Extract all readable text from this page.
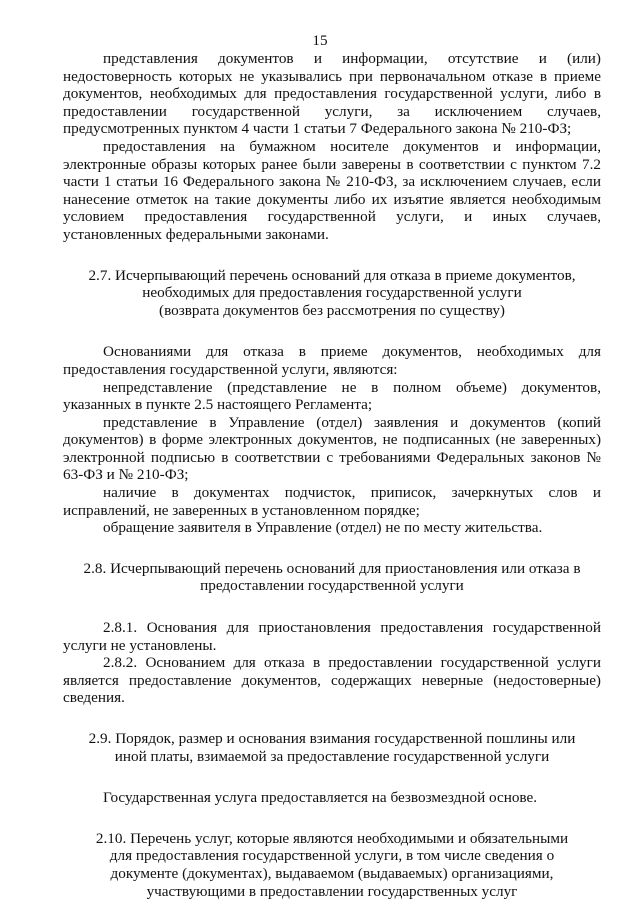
15

представления документов и информации, отсутствие и (или) недостоверность которых не указывались при первоначальном отказе в приеме документов, необходимых для предоставления государственной услуги, либо в предоставлении государственной услуги, за исключением случаев, предусмотренных пунктом 4 части 1 статьи 7 Федерального закона № 210-ФЗ;

предоставления на бумажном носителе документов и информации, электронные образы которых ранее были заверены в соответствии с пунктом 7.2 части 1 статьи 16 Федерального закона № 210-ФЗ, за исключением случаев, если нанесение отметок на такие документы либо их изъятие является необходимым условием предоставления государственной услуги, и иных случаев, установленных федеральными законами.

2.7. Исчерпывающий перечень оснований для отказа в приеме документов, необходимых для предоставления государственной услуги

(возврата документов без рассмотрения по существу)

Основаниями для отказа в приеме документов, необходимых для предоставления государственной услуги, являются:

непредставление (представление не в полном объеме) документов, указанных в пункте 2.5 настоящего Регламента;

представление в Управление (отдел) заявления и документов (копий документов) в форме электронных документов, не подписанных (не заверенных) электронной подписью в соответствии с требованиями Федеральных законов № 63-ФЗ и № 210-ФЗ;

наличие в документах подчисток, приписок, зачеркнутых слов и исправлений, не заверенных в установленном порядке;

обращение заявителя в Управление (отдел) не по месту жительства.

2.8. Исчерпывающий перечень оснований для приостановления или отказа в предоставлении государственной услуги

2.8.1. Основания для приостановления предоставления государственной услуги не установлены.

2.8.2. Основанием для отказа в предоставлении государственной услуги является предоставление документов, содержащих неверные (недостоверные) сведения.

2.9. Порядок, размер и основания взимания государственной пошлины или иной платы, взимаемой за предоставление государственной услуги

Государственная услуга предоставляется на безвозмездной основе.

2.10. Перечень услуг, которые являются необходимыми и обязательными для предоставления государственной услуги, в том числе сведения о документе (документах), выдаваемом (выдаваемых) организациями, участвующими в предоставлении государственных услуг
